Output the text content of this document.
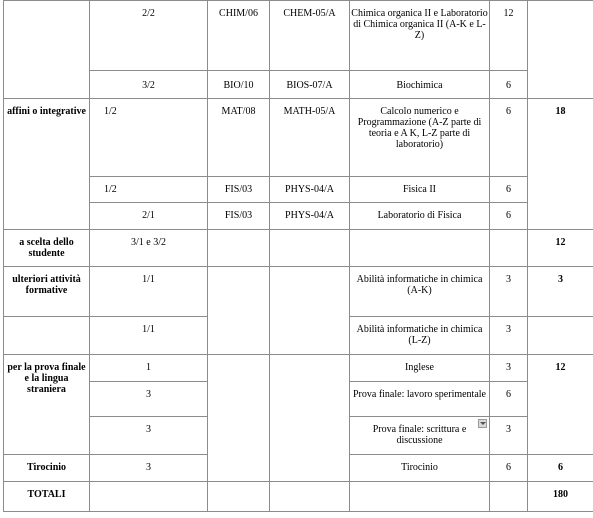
	2/2	CHIM/06	CHEM-05/A	Chimica organica II e Laboratorio di Chimica organica II (A-K e L-Z)	12	
	3/2	BIO/10	BIOS-07/A	Biochimica	6	
affini o integrative	1/2	MAT/08	MATH-05/A	Calcolo numerico e Programmazione (A-Z parte di teoria e A K, L-Z parte di laboratorio)	6	18
	1/2	FIS/03	PHYS-04/A	Fisica II	6	
	2/1	FIS/03	PHYS-04/A	Laboratorio di Fisica	6	
a scelta dello studente	3/1 e 3/2					12
ulteriori attività formative	1/1			Abilità informatiche in chimica (A-K)	3	3
	1/1			Abilità informatiche in chimica (L-Z)	3	
per la prova finale e la lingua straniera	1			Inglese	3	12
	3			Prova finale: lavoro sperimentale	6	
	3			Prova finale: scrittura e discussione	3	
Tirocinio	3			Tirocinio	6	6
TOTALI						180
